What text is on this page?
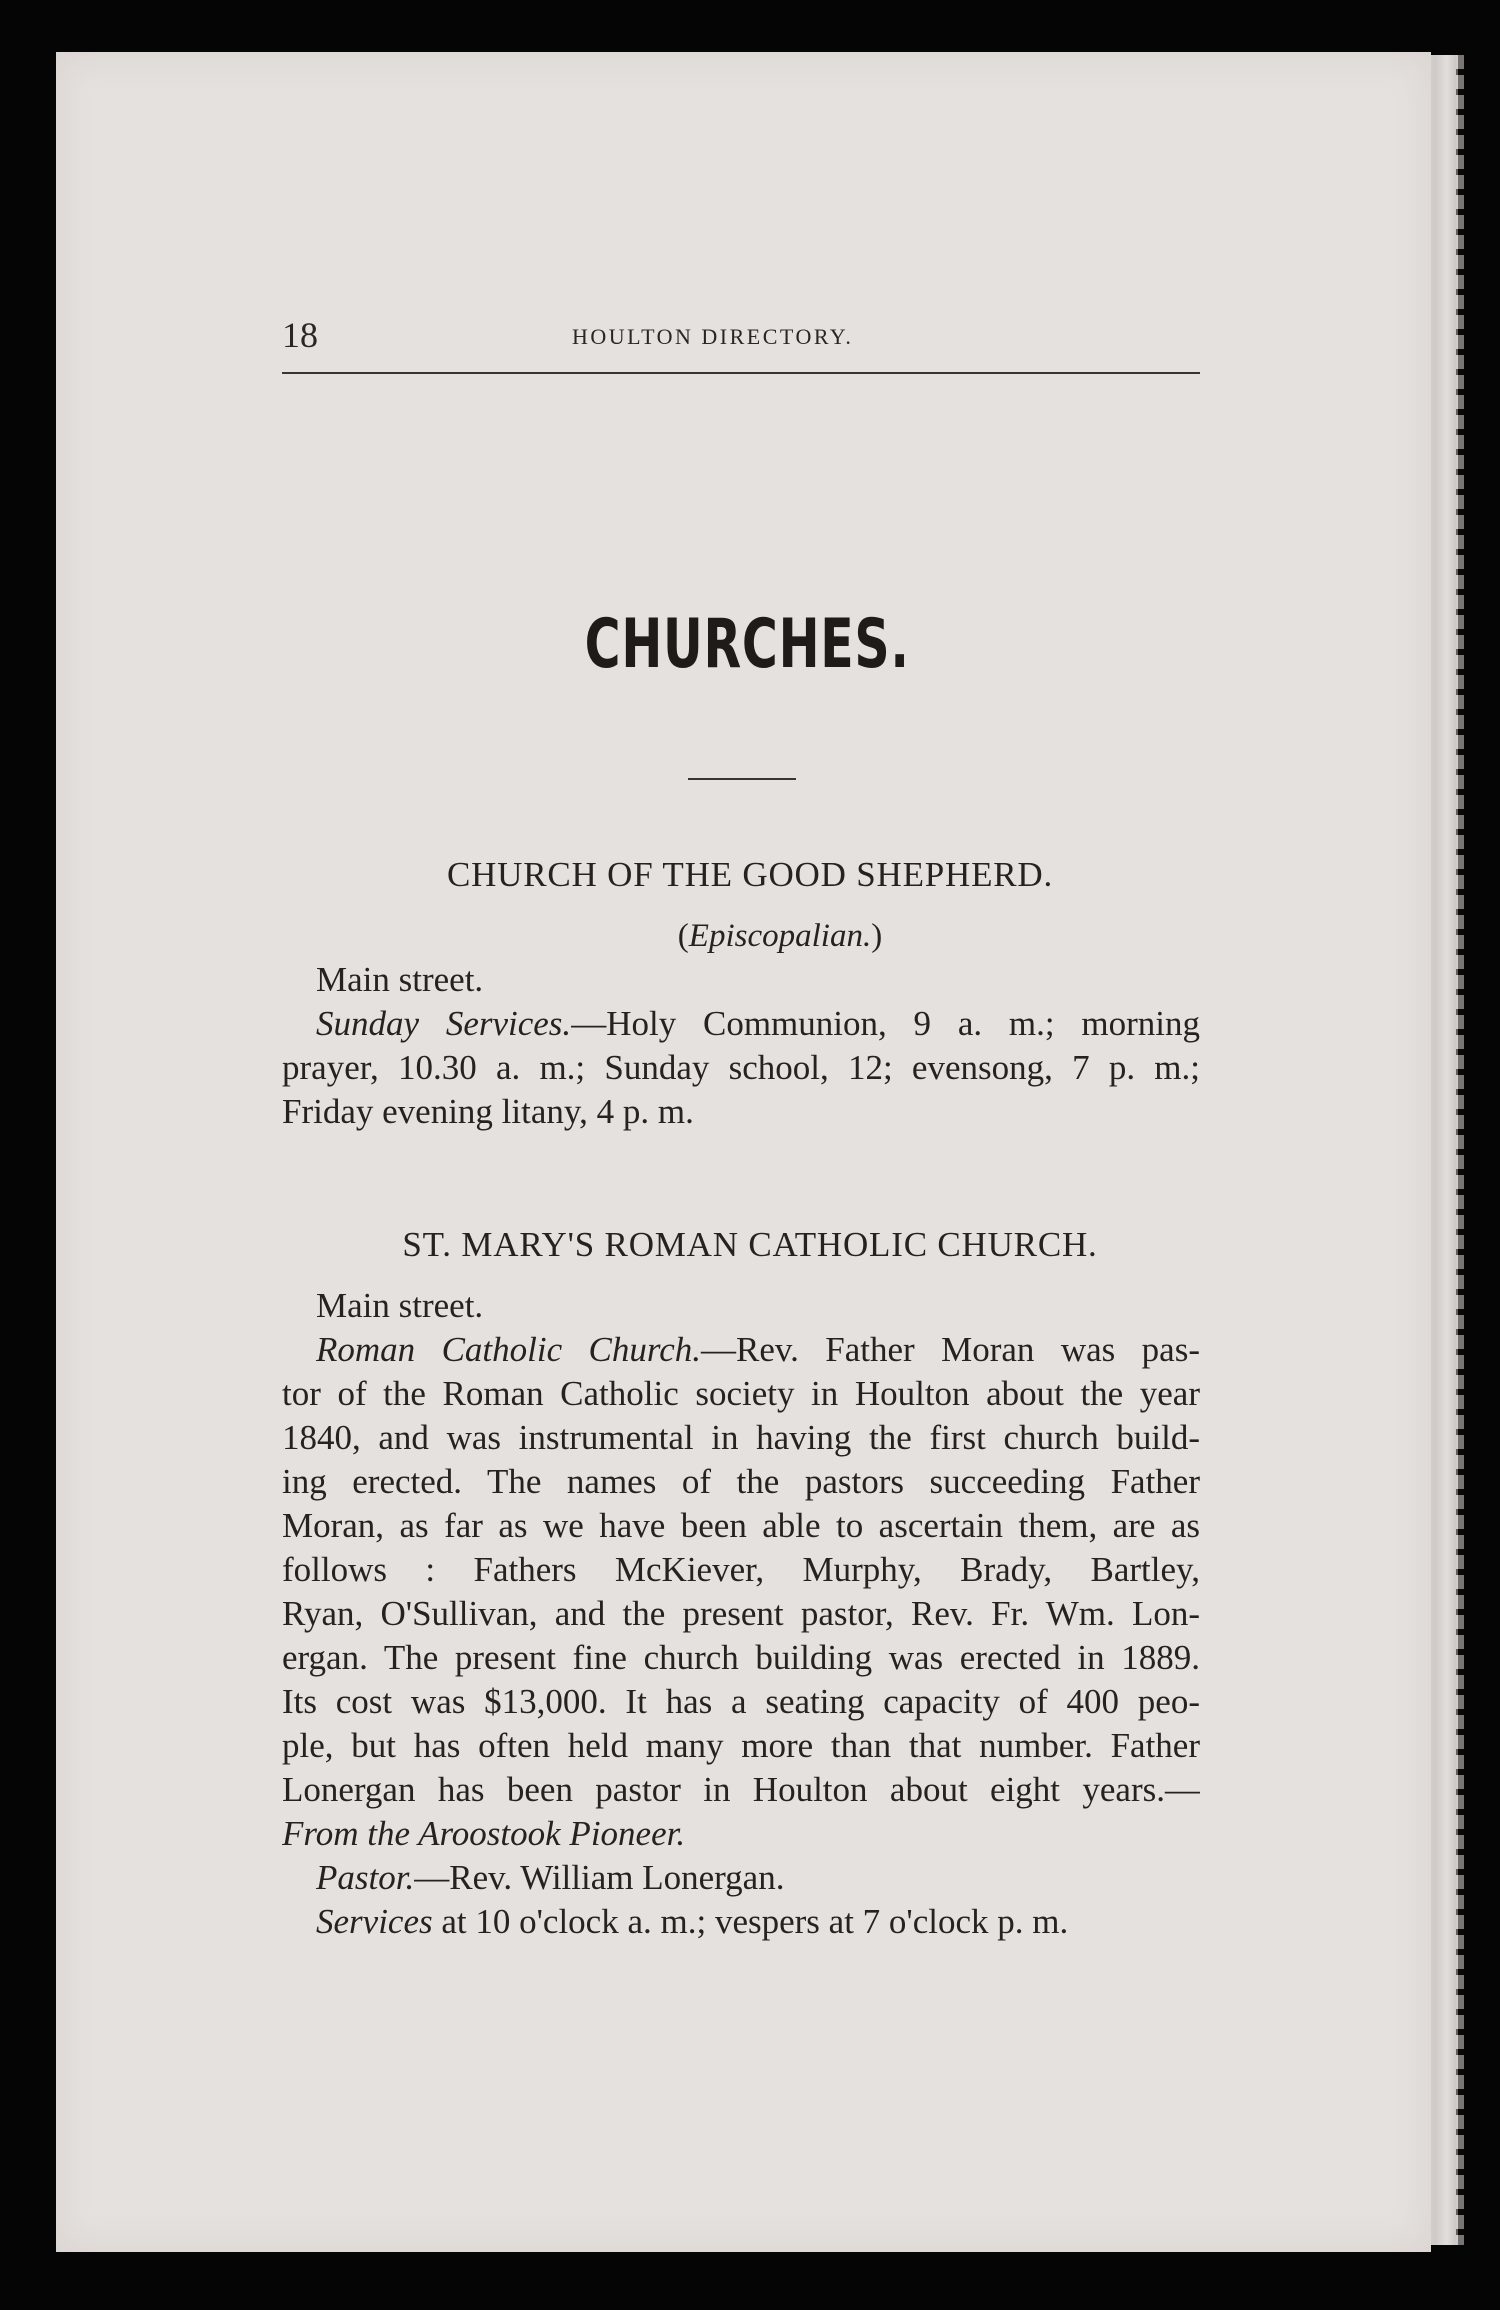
18	HOULTON DIRECTORY.
CHURCHES.
CHURCH OF THE GOOD SHEPHERD.
(Episcopalian.)
Main street.
Sunday Services.—Holy Communion, 9 a. m.; morning
prayer, 10.30 a. m.; Sunday school, 12; evensong, 7 p. m.;
Friday evening litany, 4 p. m.
ST. MARY'S ROMAN CATHOLIC CHURCH.
Main street.
Roman Catholic Church.—Rev. Father Moran was pas-
tor of the Roman Catholic society in Houlton about the year
1840, and was instrumental in having the first church build-
ing erected. The names of the pastors succeeding Father
Moran, as far as we have been able to ascertain them, are as
follows : Fathers McKiever, Murphy, Brady, Bartley,
Ryan, O'Sullivan, and the present pastor, Rev. Fr. Wm. Lon-
ergan. The present fine church building was erected in 1889.
Its cost was $13,000. It has a seating capacity of 400 peo-
ple, but has often held many more than that number. Father
Lonergan has been pastor in Houlton about eight years.—
From the Aroostook Pioneer.
Pastor.—Rev. William Lonergan.
Services at 10 o'clock a. m.; vespers at 7 o'clock p. m.
